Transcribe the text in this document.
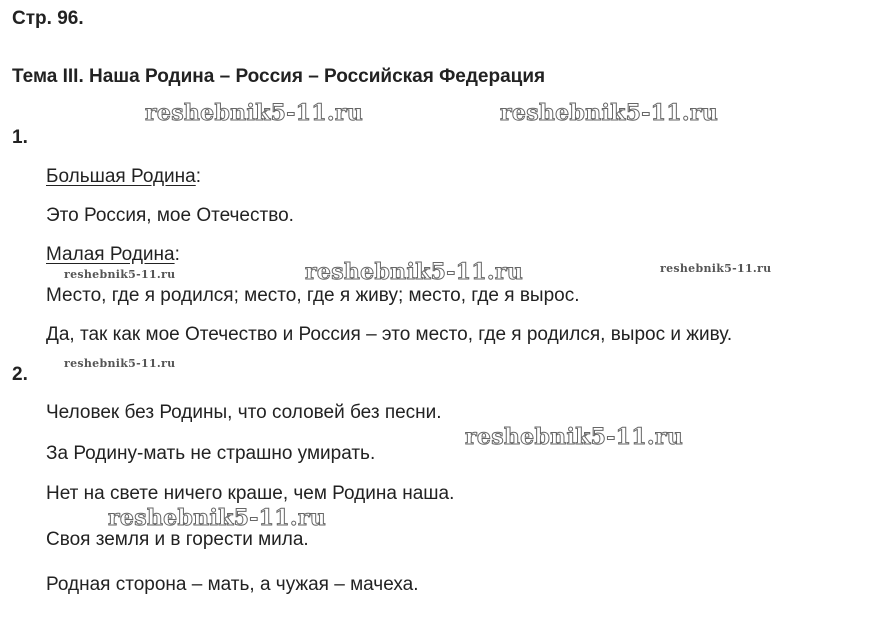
Стр. 96.
Тема III. Наша Родина – Россия – Российская Федерация
reshebnik5-11.ru	reshebnik5-11.ru
reshebnik5-11.ru	reshebnik5-11.ru	reshebnik5-11.ru
reshebnik5-11.ru
reshebnik5-11.ru
reshebnik5-11.ru
1.
Большая Родина:
Это Россия, мое Отечество.
Малая Родина:
Место, где я родился; место, где я живу; место, где я вырос.
Да, так как мое Отечество и Россия – это место, где я родился, вырос и живу.
2.
Человек без Родины, что соловей без песни.
За Родину-мать не страшно умирать.
Нет на свете ничего краше, чем Родина наша.
Своя земля и в горести мила.
Родная сторона – мать, а чужая – мачеха.
